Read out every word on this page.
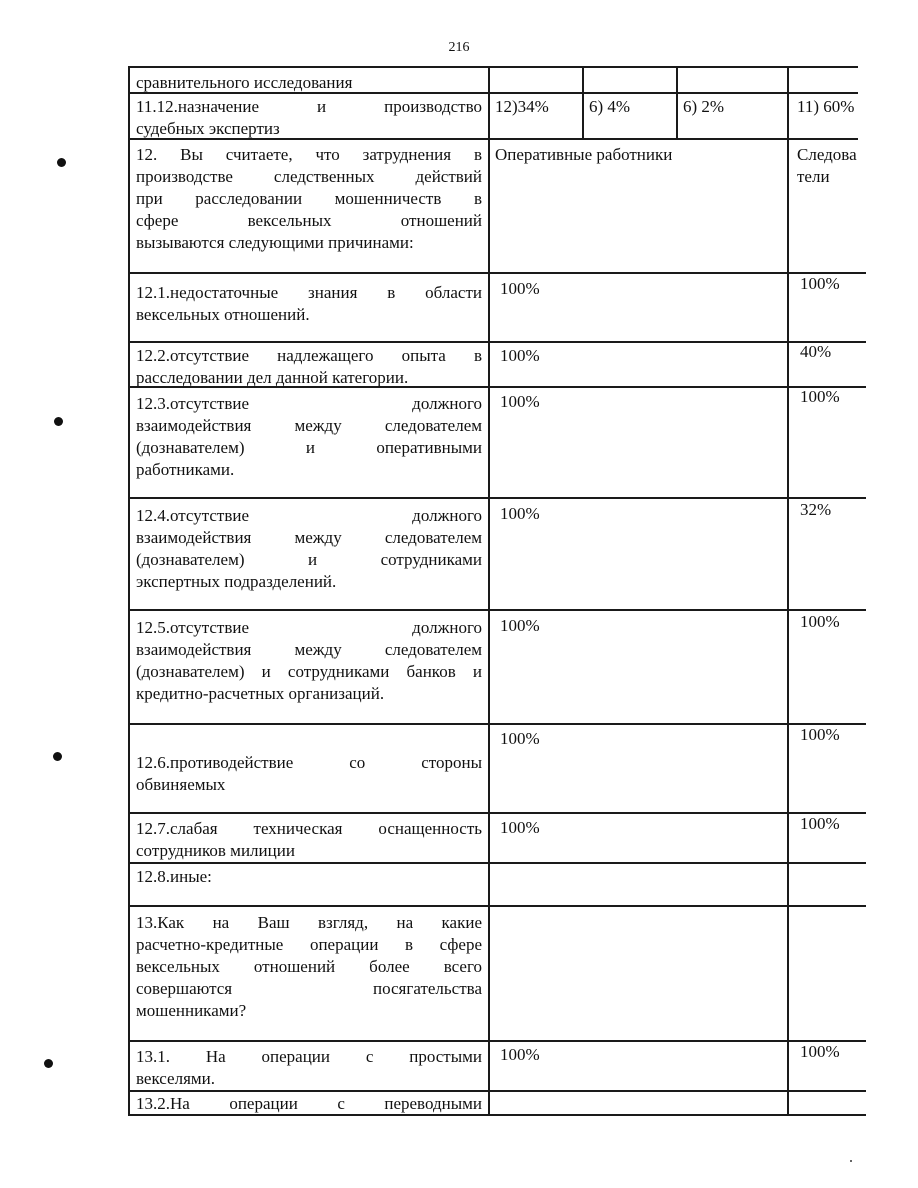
216
сравнительного исследования
11.12.назначение и производство
судебных экспертиз
12)34%	6) 4%	6) 2%	11) 60%
12. Вы считаете, что затруднения в
производстве следственных действий
при расследовании мошенничеств в
сфере вексельных отношений
вызываются следующими причинами:
Оперативные работники	Следова
тели
12.1.недостаточные знания в области
вексельных отношений.
100%	100%
12.2.отсутствие надлежащего опыта в
расследовании дел данной категории.
100%	40%
12.3.отсутствие должного
взаимодействия между следователем
(дознавателем) и оперативными
работниками.
100%	100%
12.4.отсутствие должного
взаимодействия между следователем
(дознавателем) и сотрудниками
экспертных подразделений.
100%	32%
12.5.отсутствие должного
взаимодействия между следователем
(дознавателем) и сотрудниками банков и
кредитно-расчетных организаций.
100%	100%
12.6.противодействие со стороны
обвиняемых
100%	100%
12.7.слабая техническая оснащенность
сотрудников милиции
100%	100%
12.8.иные:
13.Как на Ваш взгляд, на какие
расчетно-кредитные операции в сфере
вексельных отношений более всего
совершаются посягательства
мошенниками?
13.1. На операции с простыми
векселями.
100%	100%
13.2.На операции с переводными
